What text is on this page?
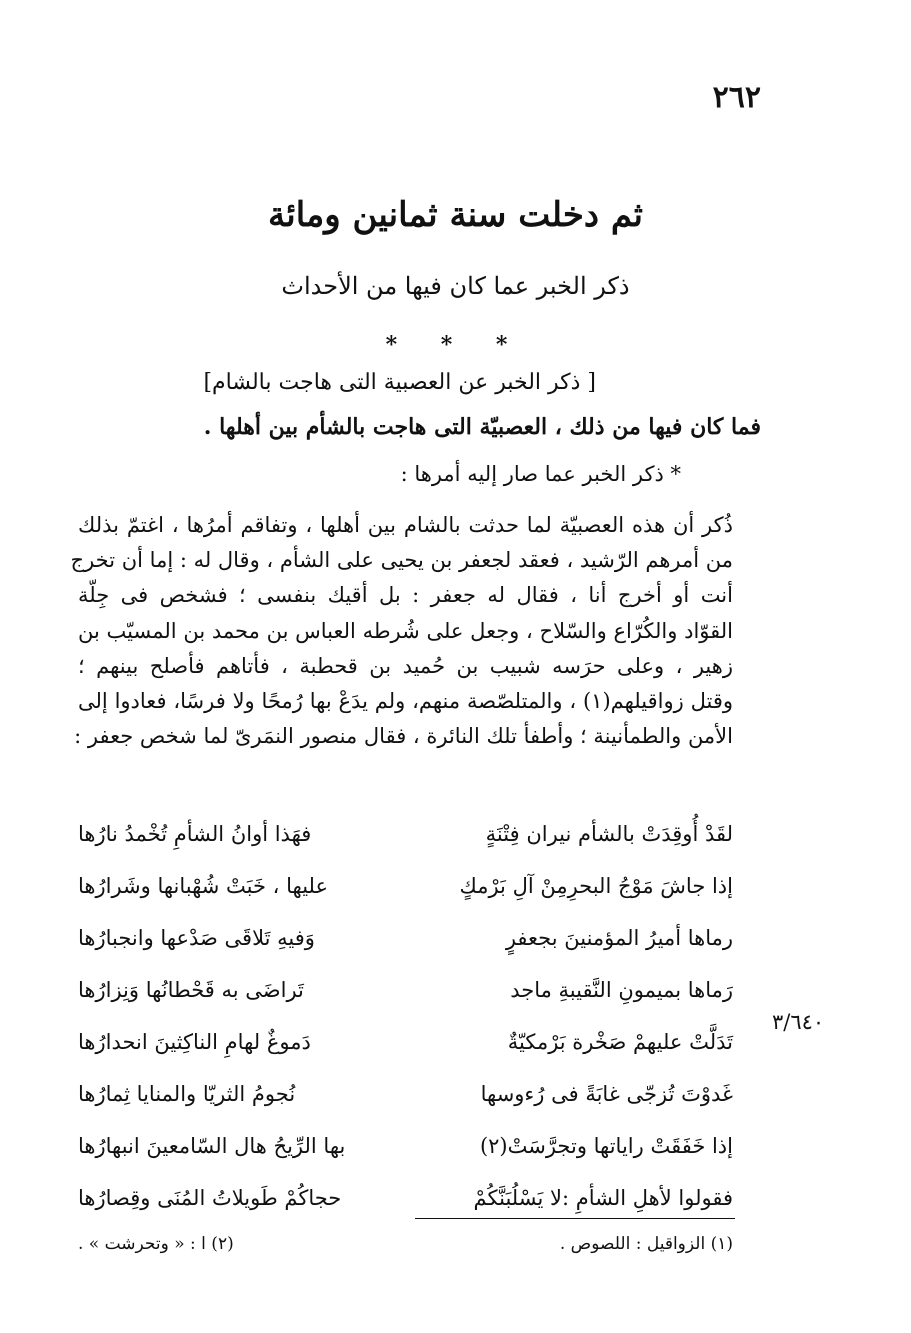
٢٦٢
ثم دخلت سنة ثمانين ومائة
ذكر الخبر عما كان فيها من الأحداث
* * *
[ ذكر الخبر عن العصبية التى هاجت بالشام]
فما كان فيها من ذلك ، العصبيّة التى هاجت بالشأم بين أهلها .
* ذكر الخبر عما صار إليه أمرها :
ذُكر أن هذه العصبيّة لما حدثت بالشام بين أهلها ، وتفاقم أمرُها ، اغتمّ بذلك
من أمرهم الرّشيد ، فعقد لجعفر بن يحيى على الشأم ، وقال له : إما أن تخرج
أنت أو أخرج أنا ، فقال له جعفر : بل أقيك بنفسى ؛ فشخص فى جِلّة
القوّاد والكُرّاع والسّلاح ، وجعل على شُرطه العباس بن محمد بن المسيّب بن
زهير ، وعلى حرَسه شبيب بن حُميد بن قحطبة ، فأتاهم فأصلح بينهم ؛
وقتل زواقيلهم(١) ، والمتلصّصة منهم، ولم يدَعْ بها رُمحًا ولا فرسًا، فعادوا إلى
الأمن والطمأنينة ؛ وأطفأ تلك النائرة ، فقال منصور النمَرىّ لما شخص جعفر :
لقَدْ أُوقِدَتْ بالشأم نيران فِتْنَةٍ
فهَذا أوانُ الشأمِ تُخْمدُ نارُها
إذا جاشَ مَوْجُ البحرِمِنْ آلِ بَرْمكٍ
عليها ، خَبَتْ شُهْبانها وشَرارُها
رماها أميرُ المؤمنينَ بجعفرٍ
وَفيهِ تَلاقَى صَدْعها وانجبارُها
رَماها بميمونِ النَّقيبةِ ماجد
تَراضَى به قَحْطانُها وَنِزارُها
تَدَلَّتْ عليهمْ صَخْرة بَرْمكيّةٌ
دَموغٌ لهامِ الناكِثينَ انحدارُها
غَدوْتَ تُزجّى غابَةً فى رُءوسها
نُجومُ الثريّا والمنايا ثِمارُها
إذا خَفَقَتْ راياتها وتجرَّسَتْ(٢)
بها الرِّيحُ هال السّامعينَ انبهارُها
فقولوا لأهلِ الشأمِ :لا يَسْلُبَنَّكُمْ
حجاكُمْ طَويلاتُ المُنَى وقِصارُها
٣/٦٤٠
(١) الزواقيل : اللصوص .
(٢) ا : « وتحرشت » .
